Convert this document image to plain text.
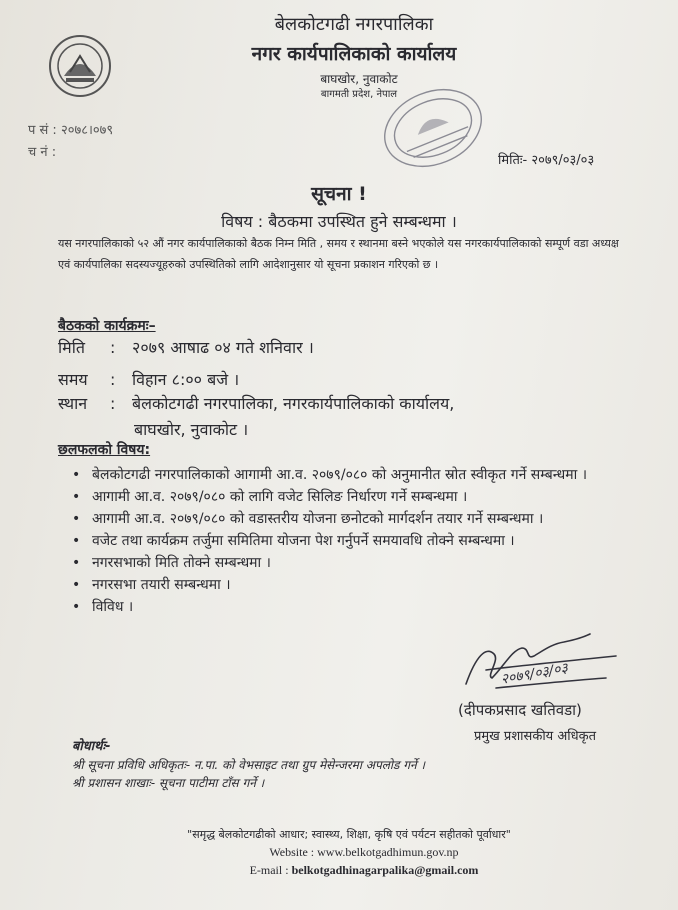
बेलकोटगढी नगरपालिका
नगर कार्यपालिकाको कार्यालय
बाघखोर, नुवाकोट
बागमती प्रदेश, नेपाल
प सं : २०७८।०७९
च नं :
मितिः- २०७९/०३/०३
सूचना !
विषय : बैठकमा उपस्थित हुने सम्बन्धमा ।
यस नगरपालिकाको ५२ औं नगर कार्यपालिकाको बैठक निम्न मिति , समय र स्थानमा बस्ने भएकोले यस नगरकार्यपालिकाको सम्पूर्ण वडा अध्यक्ष एवं कार्यपालिका सदस्यज्यूहरुको उपस्थितिको लागि आदेशानुसार यो सूचना प्रकाशन गरिएको छ ।
बैठकको कार्यक्रमः–
मिति : २०७९ आषाढ ०४ गते शनिवार ।
समय : विहान ८:०० बजे ।
स्थान : बेलकोटगढी नगरपालिका, नगरकार्यपालिकाको कार्यालय,
बाघखोर, नुवाकोट ।
छलफलको विषय:
• बेलकोटगढी नगरपालिकाको आगामी आ.व. २०७९/०८० को अनुमानीत स्रोत स्वीकृत गर्ने सम्बन्धमा ।
• आगामी आ.व. २०७९/०८० को लागि वजेट सिलिङ निर्धारण गर्ने सम्बन्धमा ।
• आगामी आ.व. २०७९/०८० को वडास्तरीय योजना छनोटको मार्गदर्शन तयार गर्ने सम्बन्धमा ।
• वजेट तथा कार्यक्रम तर्जुमा समितिमा योजना पेश गर्नुपर्ने समयावधि तोक्ने सम्बन्धमा ।
• नगरसभाको मिति तोक्ने सम्बन्धमा ।
• नगरसभा तयारी सम्बन्धमा ।
• विविध ।
२०७९/०३/०३
(दीपकप्रसाद खतिवडा)
प्रमुख प्रशासकीय अधिकृत
बोधार्थः-
श्री सूचना प्रविधि अधिकृतः- न.पा. को वेभसाइट तथा ग्रुप मेसेन्जरमा अपलोड गर्ने ।
श्री प्रशासन शाखाः- सूचना पाटीमा टाँस गर्ने ।
"समृद्ध बेलकोटगढीको आधार; स्वास्थ्य, शिक्षा, कृषि एवं पर्यटन सहीतको पूर्वाधार"
Website : www.belkotgadhimun.gov.np
E-mail : belkotgadhinagarpalika@gmail.com
